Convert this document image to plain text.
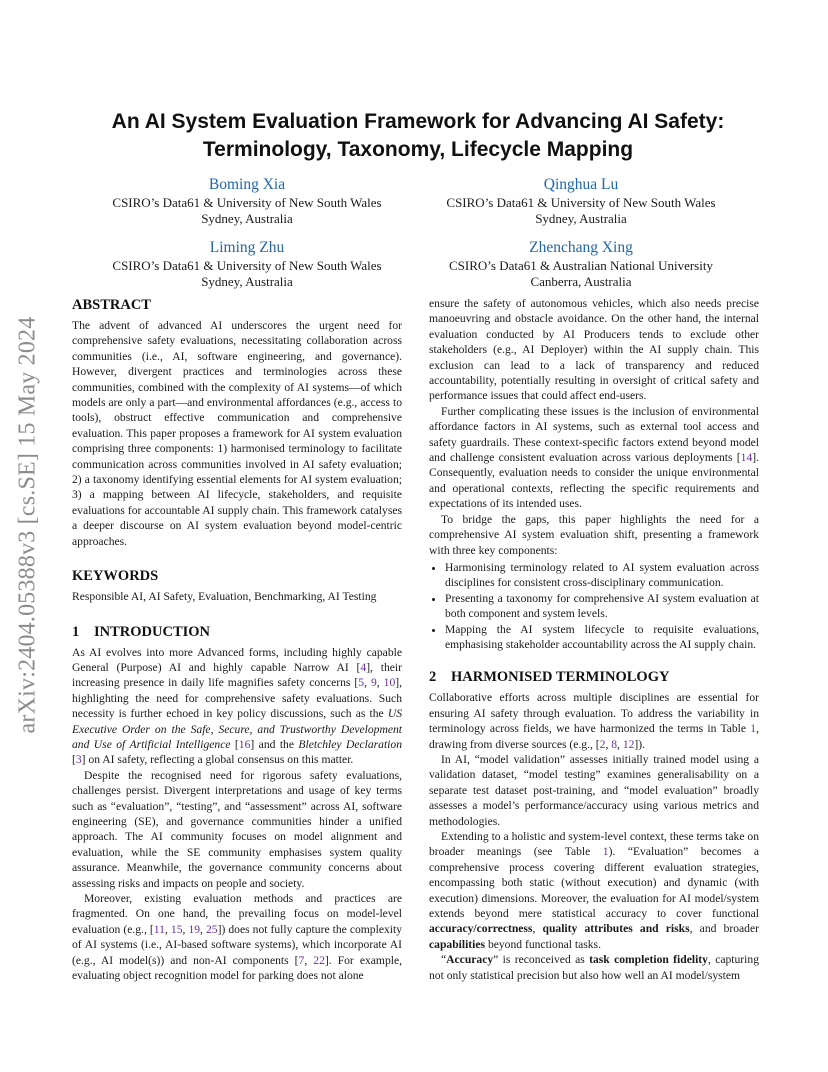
arXiv:2404.05388v3 [cs.SE] 15 May 2024
An AI System Evaluation Framework for Advancing AI Safety:
Terminology, Taxonomy, Lifecycle Mapping
Boming Xia
CSIRO’s Data61 & University of New South Wales
Sydney, Australia
Qinghua Lu
CSIRO’s Data61 & University of New South Wales
Sydney, Australia
Liming Zhu
CSIRO’s Data61 & University of New South Wales
Sydney, Australia
Zhenchang Xing
CSIRO’s Data61 & Australian National University
Canberra, Australia
ABSTRACT

The advent of advanced AI underscores the urgent need for comprehensive safety evaluations, necessitating collaboration across communities (i.e., AI, software engineering, and governance). However, divergent practices and terminologies across these communities, combined with the complexity of AI systems—of which models are only a part—and environmental affordances (e.g., access to tools), obstruct effective communication and comprehensive evaluation. This paper proposes a framework for AI system evaluation comprising three components: 1) harmonised terminology to facilitate communication across communities involved in AI safety evaluation; 2) a taxonomy identifying essential elements for AI system evaluation; 3) a mapping between AI lifecycle, stakeholders, and requisite evaluations for accountable AI supply chain. This framework catalyses a deeper discourse on AI system evaluation beyond model-centric approaches.

KEYWORDS

Responsible AI, AI Safety, Evaluation, Benchmarking, AI Testing

1 INTRODUCTION

As AI evolves into more Advanced forms, including highly capable General (Purpose) AI and highly capable Narrow AI [4], their increasing presence in daily life magnifies safety concerns [5, 9, 10], highlighting the need for comprehensive safety evaluations. Such necessity is further echoed in key policy discussions, such as the US Executive Order on the Safe, Secure, and Trustworthy Development and Use of Artificial Intelligence [16] and the Bletchley Declaration [3] on AI safety, reflecting a global consensus on this matter.

Despite the recognised need for rigorous safety evaluations, challenges persist. Divergent interpretations and usage of key terms such as “evaluation”, “testing”, and “assessment” across AI, software engineering (SE), and governance communities hinder a unified approach. The AI community focuses on model alignment and evaluation, while the SE community emphasises system quality assurance. Meanwhile, the governance community concerns about assessing risks and impacts on people and society.

Moreover, existing evaluation methods and practices are fragmented. On one hand, the prevailing focus on model-level evaluation (e.g., [11, 15, 19, 25]) does not fully capture the complexity of AI systems (i.e., AI-based software systems), which incorporate AI (e.g., AI model(s)) and non-AI components [7, 22]. For example, evaluating object recognition model for parking does not alone

ensure the safety of autonomous vehicles, which also needs precise manoeuvring and obstacle avoidance. On the other hand, the internal evaluation conducted by AI Producers tends to exclude other stakeholders (e.g., AI Deployer) within the AI supply chain. This exclusion can lead to a lack of transparency and reduced accountability, potentially resulting in oversight of critical safety and performance issues that could affect end-users.

Further complicating these issues is the inclusion of environmental affordance factors in AI systems, such as external tool access and safety guardrails. These context-specific factors extend beyond model and challenge consistent evaluation across various deployments [14]. Consequently, evaluation needs to consider the unique environmental and operational contexts, reflecting the specific requirements and expectations of its intended uses.

To bridge the gaps, this paper highlights the need for a comprehensive AI system evaluation shift, presenting a framework with three key components:

• Harmonising terminology related to AI system evaluation across disciplines for consistent cross-disciplinary communication.
• Presenting a taxonomy for comprehensive AI system evaluation at both component and system levels.
• Mapping the AI system lifecycle to requisite evaluations, emphasising stakeholder accountability across the AI supply chain.
2 HARMONISED TERMINOLOGY

Collaborative efforts across multiple disciplines are essential for ensuring AI safety through evaluation. To address the variability in terminology across fields, we have harmonized the terms in Table 1, drawing from diverse sources (e.g., [2, 8, 12]).

In AI, “model validation” assesses initially trained model using a validation dataset, “model testing” examines generalisability on a separate test dataset post-training, and “model evaluation” broadly assesses a model’s performance/accuracy using various metrics and methodologies.

Extending to a holistic and system-level context, these terms take on broader meanings (see Table 1). “Evaluation” becomes a comprehensive process covering different evaluation strategies, encompassing both static (without execution) and dynamic (with execution) dimensions. Moreover, the evaluation for AI model/system extends beyond mere statistical accuracy to cover functional accuracy/correctness, quality attributes and risks, and broader capabilities beyond functional tasks.

“Accuracy” is reconceived as task completion fidelity, capturing not only statistical precision but also how well an AI model/system
